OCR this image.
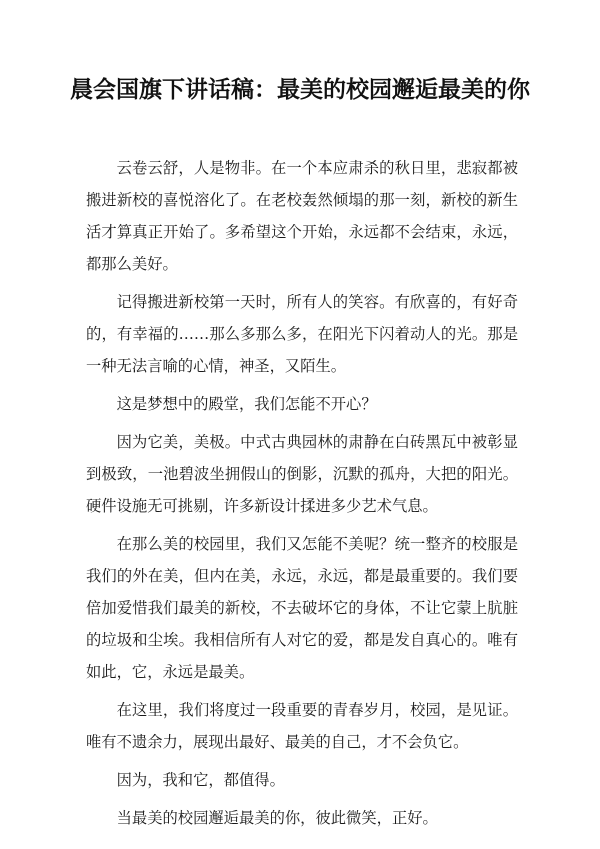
晨会国旗下讲话稿：最美的校园邂逅最美的你

云卷云舒，人是物非。在一个本应肃杀的秋日里，悲寂都被搬进新校的喜悦溶化了。在老校轰然倾塌的那一刻，新校的新生活才算真正开始了。多希望这个开始，永远都不会结束，永远，都那么美好。

记得搬进新校第一天时，所有人的笑容。有欣喜的，有好奇的，有幸福的……那么多那么多，在阳光下闪着动人的光。那是一种无法言喻的心情，神圣，又陌生。

这是梦想中的殿堂，我们怎能不开心？

因为它美，美极。中式古典园林的肃静在白砖黑瓦中被彰显到极致，一池碧波坐拥假山的倒影，沉默的孤舟，大把的阳光。硬件设施无可挑剔，许多新设计揉进多少艺术气息。

在那么美的校园里，我们又怎能不美呢？统一整齐的校服是我们的外在美，但内在美，永远，永远，都是最重要的。我们要倍加爱惜我们最美的新校，不去破坏它的身体，不让它蒙上肮脏的垃圾和尘埃。我相信所有人对它的爱，都是发自真心的。唯有如此，它，永远是最美。

在这里，我们将度过一段重要的青春岁月，校园，是见证。唯有不遗余力，展现出最好、最美的自己，才不会负它。

因为，我和它，都值得。

当最美的校园邂逅最美的你，彼此微笑，正好。
